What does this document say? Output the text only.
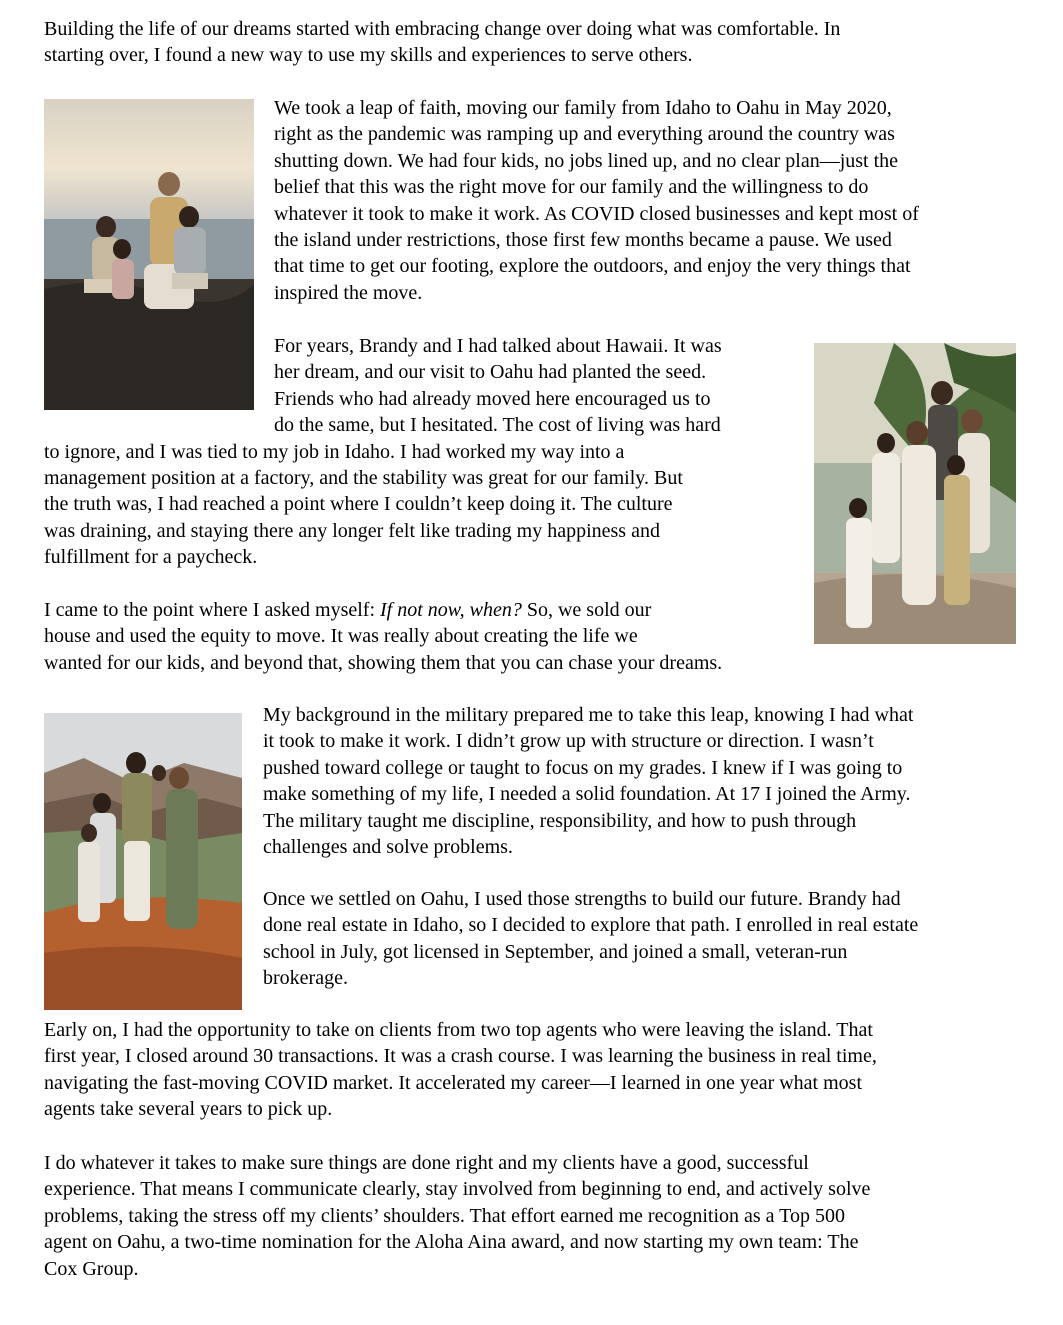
Building the life of our dreams started with embracing change over doing what was comfortable. In
starting over, I found a new way to use my skills and experiences to serve others.
We took a leap of faith, moving our family from Idaho to Oahu in May 2020,
right as the pandemic was ramping up and everything around the country was
shutting down. We had four kids, no jobs lined up, and no clear plan—just the
belief that this was the right move for our family and the willingness to do
whatever it took to make it work. As COVID closed businesses and kept most of
the island under restrictions, those first few months became a pause. We used
that time to get our footing, explore the outdoors, and enjoy the very things that
inspired the move.
For years, Brandy and I had talked about Hawaii. It was
her dream, and our visit to Oahu had planted the seed.
Friends who had already moved here encouraged us to
do the same, but I hesitated. The cost of living was hard
to ignore, and I was tied to my job in Idaho. I had worked my way into a
management position at a factory, and the stability was great for our family. But
the truth was, I had reached a point where I couldn’t keep doing it. The culture
was draining, and staying there any longer felt like trading my happiness and
fulfillment for a paycheck.
I came to the point where I asked myself: If not now, when? So, we sold our
house and used the equity to move. It was really about creating the life we
wanted for our kids, and beyond that, showing them that you can chase your dreams.
My background in the military prepared me to take this leap, knowing I had what
it took to make it work. I didn’t grow up with structure or direction. I wasn’t
pushed toward college or taught to focus on my grades. I knew if I was going to
make something of my life, I needed a solid foundation. At 17 I joined the Army.
The military taught me discipline, responsibility, and how to push through
challenges and solve problems.
Once we settled on Oahu, I used those strengths to build our future. Brandy had
done real estate in Idaho, so I decided to explore that path. I enrolled in real estate
school in July, got licensed in September, and joined a small, veteran-run
brokerage.
Early on, I had the opportunity to take on clients from two top agents who were leaving the island. That
first year, I closed around 30 transactions. It was a crash course. I was learning the business in real time,
navigating the fast-moving COVID market. It accelerated my career—I learned in one year what most
agents take several years to pick up.
I do whatever it takes to make sure things are done right and my clients have a good, successful
experience. That means I communicate clearly, stay involved from beginning to end, and actively solve
problems, taking the stress off my clients’ shoulders. That effort earned me recognition as a Top 500
agent on Oahu, a two-time nomination for the Aloha Aina award, and now starting my own team: The
Cox Group.
